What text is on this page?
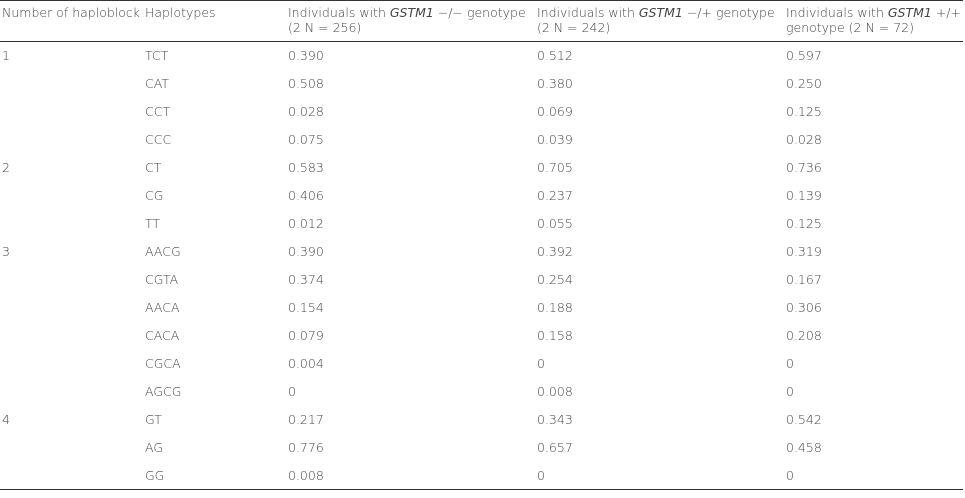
Number of haploblock	Haplotypes	Individuals with GSTM1 −/− genotype (2 N = 256)	Individuals with GSTM1 −/+ genotype (2 N = 242)	Individuals with GSTM1 +/+ genotype (2 N = 72)
1	TCT	0.390	0.512	0.597
	CAT	0.508	0.380	0.250
	CCT	0.028	0.069	0.125
	CCC	0.075	0.039	0.028
2	CT	0.583	0.705	0.736
	CG	0.406	0.237	0.139
	TT	0.012	0.055	0.125
3	AACG	0.390	0.392	0.319
	CGTA	0.374	0.254	0.167
	AACA	0.154	0.188	0.306
	CACA	0.079	0.158	0.208
	CGCA	0.004	0	0
	AGCG	0	0.008	0
4	GT	0.217	0.343	0.542
	AG	0.776	0.657	0.458
	GG	0.008	0	0
